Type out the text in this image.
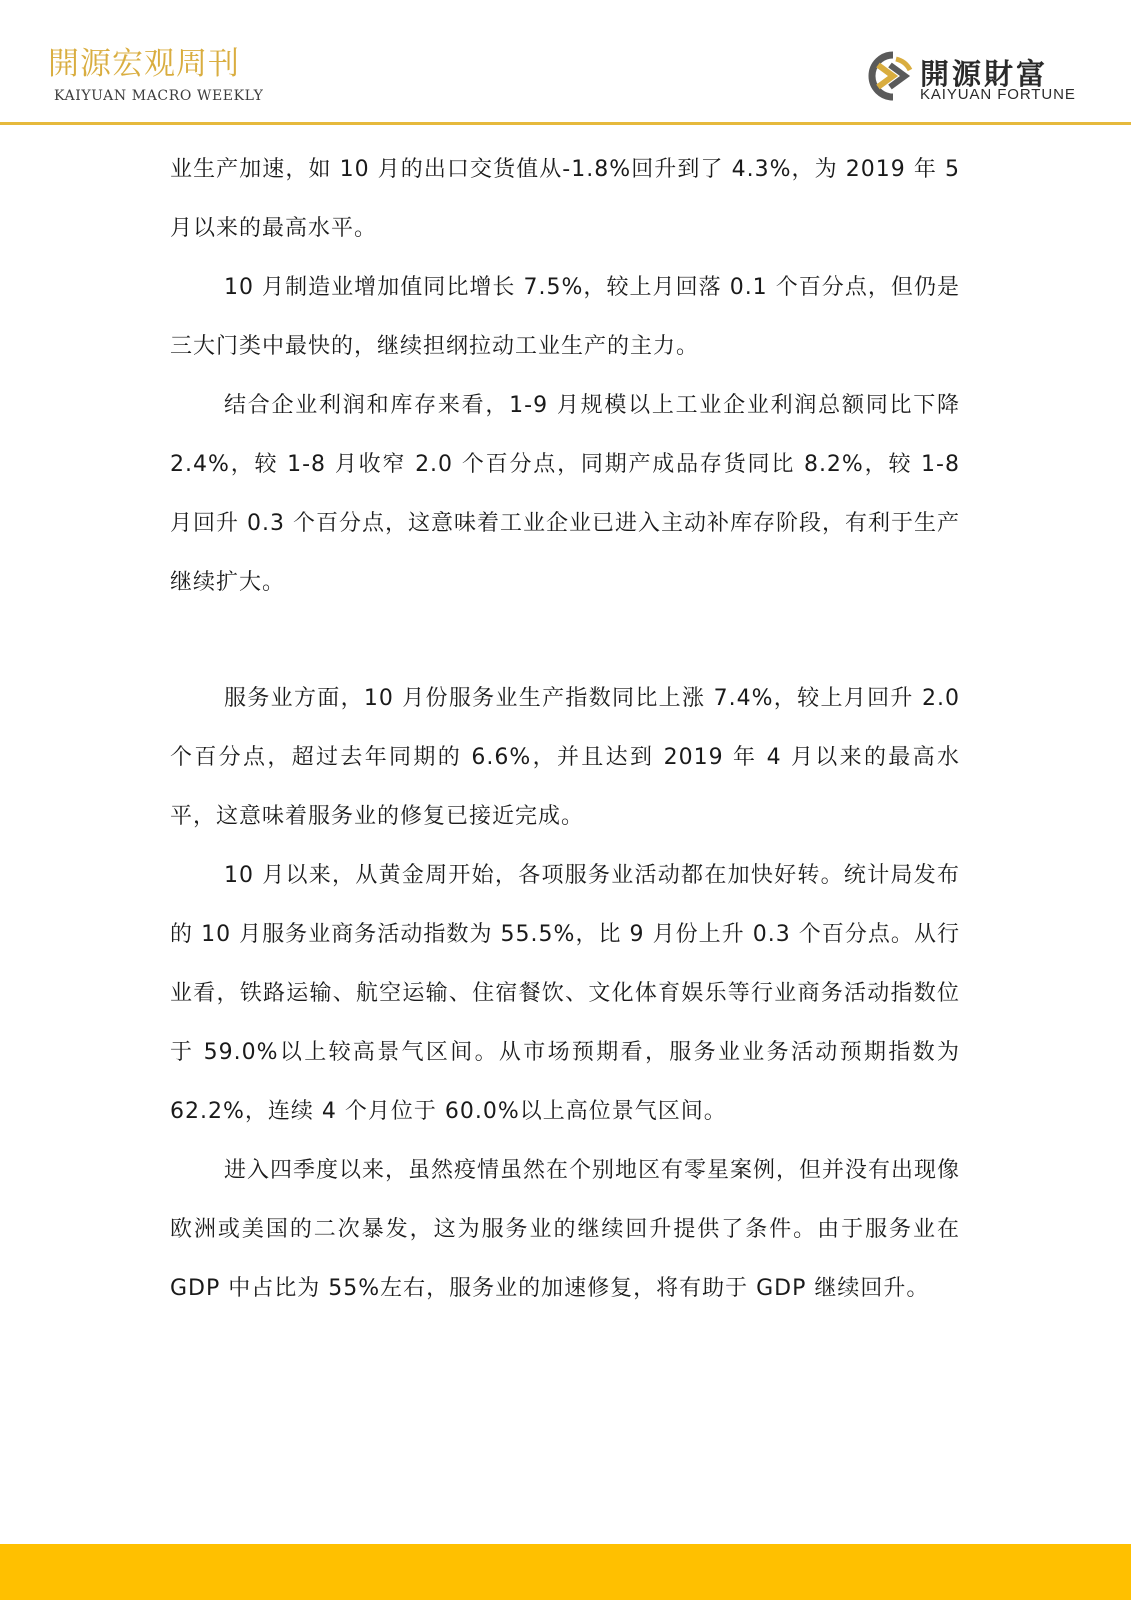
開源宏观周刊
KAIYUAN MACRO WEEKLY
開源財富
KAIYUAN FORTUNE

业生产加速，如 10 月的出口交货值从-1.8%回升到了 4.3%，为 2019 年 5 月以来的最高水平。

10 月制造业增加值同比增长 7.5%，较上月回落 0.1 个百分点，但仍是三大门类中最快的，继续担纲拉动工业生产的主力。

结合企业利润和库存来看，1-9 月规模以上工业企业利润总额同比下降 2.4%，较 1-8 月收窄 2.0 个百分点，同期产成品存货同比 8.2%，较 1-8 月回升 0.3 个百分点，这意味着工业企业已进入主动补库存阶段，有利于生产继续扩大。

服务业方面，10 月份服务业生产指数同比上涨 7.4%，较上月回升 2.0 个百分点，超过去年同期的 6.6%，并且达到 2019 年 4 月以来的最高水平，这意味着服务业的修复已接近完成。

10 月以来，从黄金周开始，各项服务业活动都在加快好转。统计局发布的 10 月服务业商务活动指数为 55.5%，比 9 月份上升 0.3 个百分点。从行业看，铁路运输、航空运输、住宿餐饮、文化体育娱乐等行业商务活动指数位于 59.0%以上较高景气区间。从市场预期看，服务业业务活动预期指数为 62.2%，连续 4 个月位于 60.0%以上高位景气区间。

进入四季度以来，虽然疫情虽然在个别地区有零星案例，但并没有出现像欧洲或美国的二次暴发，这为服务业的继续回升提供了条件。由于服务业在 GDP 中占比为 55%左右，服务业的加速修复，将有助于 GDP 继续回升。
